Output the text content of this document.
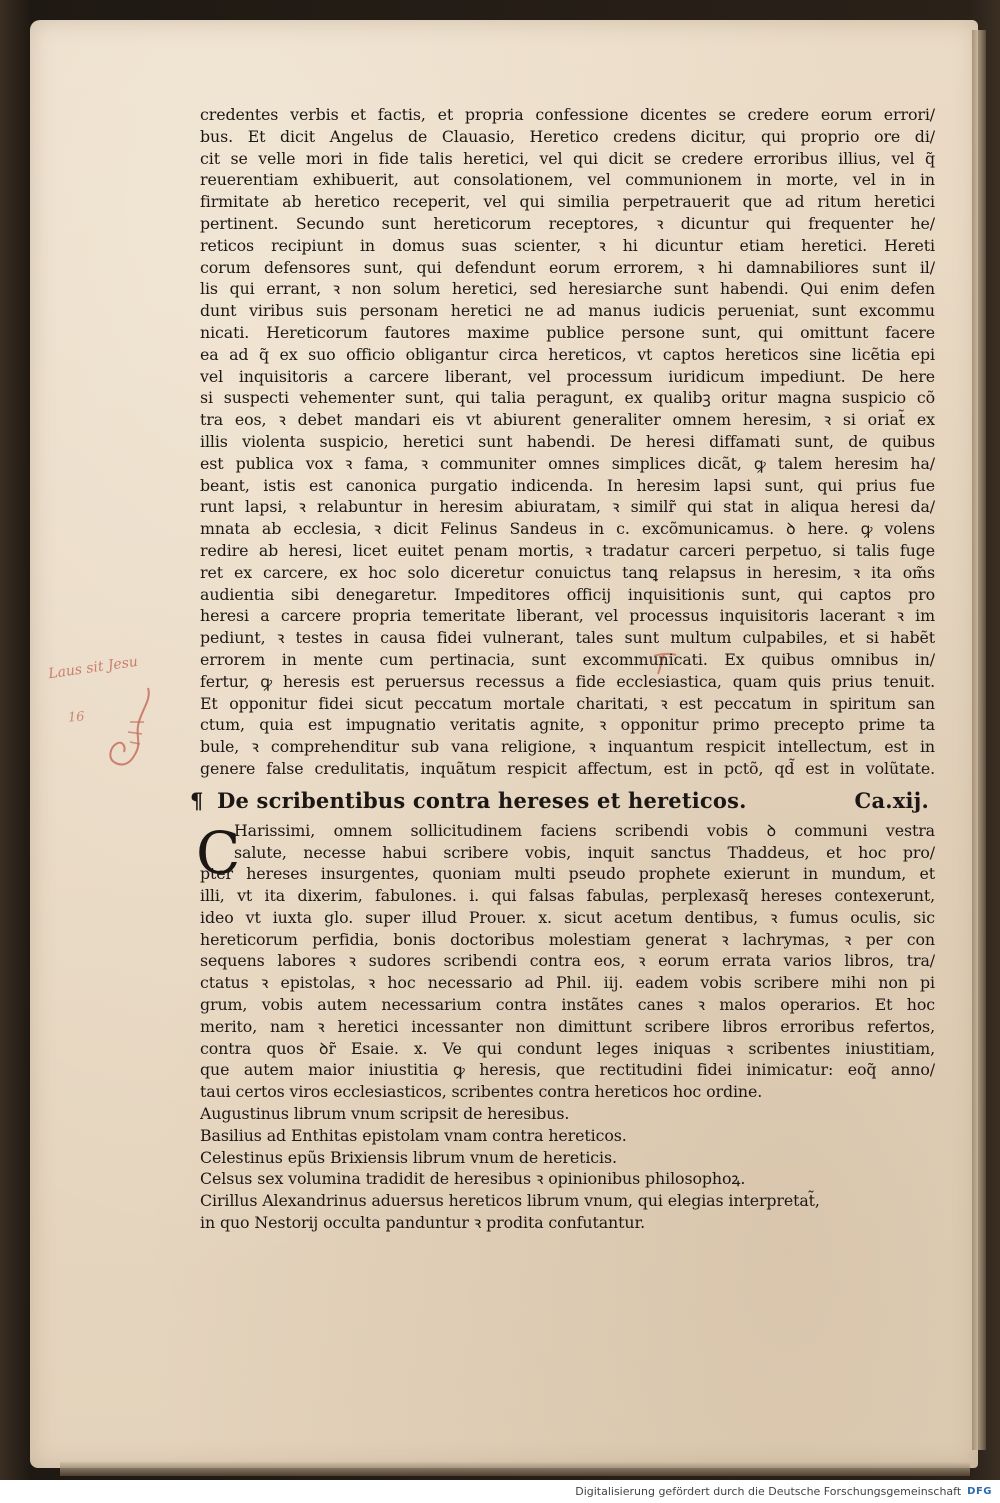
Laus sit Jesu
16
credentes verbis et factis, et propria confessione dicentes se credere eorum errori/
bus. Et dicit Angelus de Clauasio, Heretico credens dicitur, qui proprio ore di/
cit se velle mori in fide talis heretici, vel qui dicit se credere erroribus illius, vel q̃
reuerentiam exhibuerit, aut consolationem, vel communionem in morte, vel in in
firmitate ab heretico receperit, vel qui similia perpetrauerit que ad ritum heretici
pertinent. Secundo sunt hereticorum receptores, ꝛ dicuntur qui frequenter he/
reticos recipiunt in domus suas scienter, ꝛ hi dicuntur etiam heretici. Hereti
corum defensores sunt, qui defendunt eorum errorem, ꝛ hi damnabiliores sunt il/
lis qui errant, ꝛ non solum heretici, sed heresiarche sunt habendi. Qui enim defen
dunt viribus suis personam heretici ne ad manus iudicis perueniat, sunt excommu
nicati. Hereticorum fautores maxime publice persone sunt, qui omittunt facere
ea ad q̃ ex suo officio obligantur circa hereticos, vt captos hereticos sine licẽtia epi
vel inquisitoris a carcere liberant, vel processum iuridicum impediunt. De here
si suspecti vehementer sunt, qui talia peragunt, ex qualibꝫ oritur magna suspicio cõ
tra eos, ꝛ debet mandari eis vt abiurent generaliter omnem heresim, ꝛ si oriat̃ ex
illis violenta suspicio, heretici sunt habendi. De heresi diffamati sunt, de quibus
est publica vox ꝛ fama, ꝛ communiter omnes simplices dicãt, ꝙ talem heresim ha/
beant, istis est canonica purgatio indicenda. In heresim lapsi sunt, qui prius fue
runt lapsi, ꝛ relabuntur in heresim abiuratam, ꝛ similr̃ qui stat in aliqua heresi da/
mnata ab ecclesia, ꝛ dicit Felinus Sandeus in c. excõmunicamus. ꝺ here. ꝙ volens
redire ab heresi, licet euitet penam mortis, ꝛ tradatur carceri perpetuo, si talis fuge
ret ex carcere, ex hoc solo diceretur conuictus tanꝗ relapsus in heresim, ꝛ ita om̃s
audientia sibi denegaretur. Impeditores officij inquisitionis sunt, qui captos pro
heresi a carcere propria temeritate liberant, vel processus inquisitoris lacerant ꝛ im
pediunt, ꝛ testes in causa fidei vulnerant, tales sunt multum culpabiles, et si habẽt
errorem in mente cum pertinacia, sunt excommunicati. Ex quibus omnibus in/
fertur, ꝙ heresis est peruersus recessus a fide ecclesiastica, quam quis prius tenuit.
Et opponitur fidei sicut peccatum mortale charitati, ꝛ est peccatum in spiritum san
ctum, quia est impugnatio veritatis agnite, ꝛ opponitur primo precepto prime ta
bule, ꝛ comprehenditur sub vana religione, ꝛ inquantum respicit intellectum, est in
genere false credulitatis, inquãtum respicit affectum, est in pctõ, qd̃ est in volũtate.
¶ De scribentibus contra hereses et hereticos.	Ca.xij.
C
Harissimi, omnem sollicitudinem faciens scribendi vobis ꝺ communi vestra
salute, necesse habui scribere vobis, inquit sanctus Thaddeus, et hoc pro/
pter hereses insurgentes, quoniam multi pseudo prophete exierunt in mundum, et
illi, vt ita dixerim, fabulones. i. qui falsas fabulas, perplexasq̃ hereses contexerunt,
ideo vt iuxta glo. super illud Prouer. x. sicut acetum dentibus, ꝛ fumus oculis, sic
hereticorum perfidia, bonis doctoribus molestiam generat ꝛ lachrymas, ꝛ per con
sequens labores ꝛ sudores scribendi contra eos, ꝛ eorum errata varios libros, tra/
ctatus ꝛ epistolas, ꝛ hoc necessario ad Phil. iij. eadem vobis scribere mihi non pi
grum, vobis autem necessarium contra instãtes canes ꝛ malos operarios. Et hoc
merito, nam ꝛ heretici incessanter non dimittunt scribere libros erroribus refertos,
contra quos ꝺr̃ Esaie. x. Ve qui condunt leges iniquas ꝛ scribentes iniustitiam,
que autem maior iniustitia ꝙ heresis, que rectitudini fidei inimicatur: eoq̃ anno/
taui certos viros ecclesiasticos, scribentes contra hereticos hoc ordine.
Augustinus librum vnum scripsit de heresibus.
Basilius ad Enthitas epistolam vnam contra hereticos.
Celestinus epũs Brixiensis librum vnum de hereticis.
Celsus sex volumina tradidit de heresibus ꝛ opinionibus philosophoꝝ.
Cirillus Alexandrinus aduersus hereticos librum vnum, qui elegias interpretat̃,
in quo Nestorij occulta panduntur ꝛ prodita confutantur.
Digitalisierung gefördert durch die Deutsche Forschungsgemeinschaft DFG
